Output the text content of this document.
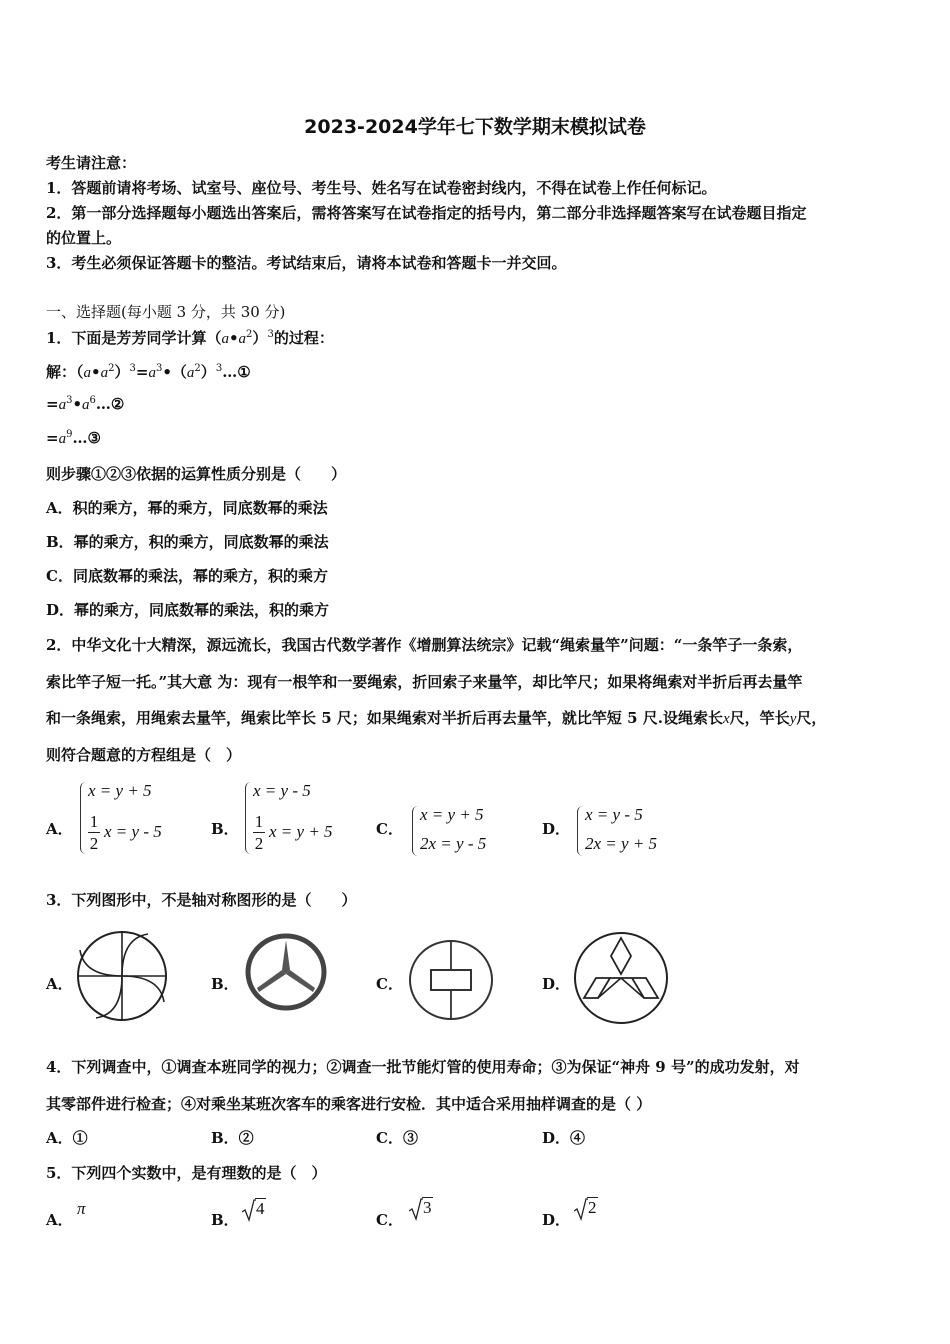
2023-2024学年七下数学期末模拟试卷
考生请注意：
1．答题前请将考场、试室号、座位号、考生号、姓名写在试卷密封线内，不得在试卷上作任何标记。
2．第一部分选择题每小题选出答案后，需将答案写在试卷指定的括号内，第二部分非选择题答案写在试卷题目指定
的位置上。
3．考生必须保证答题卡的整洁。考试结束后，请将本试卷和答题卡一并交回。
一、选择题(每小题 3 分，共 30 分)
1．下面是芳芳同学计算$(a•a^2)^3$的过程：
解：$(a•a^2)^3=a^3•(a^2)^3\dots ①$
$=a^3•a^6\dots ②$
$=a^9\dots ③$
则步骤①②③依据的运算性质分别是（　　）
A．积的乘方，幂的乘方，同底数幂的乘法
B．幂的乘方，积的乘方，同底数幂的乘法
C．同底数幂的乘法，幂的乘方，积的乘方
D．幂的乘方，同底数幂的乘法，积的乘方
2．中华文化十大精深，源远流长，我国古代数学著作《增删算法统宗》记载“绳索量竿”问题：“一条竿子一条索，
索比竿子短一托。”其大意 为：现有一根竿和一要绳索，折回索子来量竿，却比竿尺；如果将绳索对半折后再去量竿
和一条绳索，用绳索去量竿，绳索比竿长 5 尺；如果绳索对半折后再去量竿，就比竿短 5 尺.设绳索长x尺，竿长y尺，
则符合题意的方程组是（　）
A．
x = y + 5
1
2
x = y - 5	B．
x = y - 5
1
2
x = y + 5	C．
x = y + 5
2x = y - 5
D．
x = y - 5
2x = y + 5
3．下列图形中，不是轴对称图形的是（　　）
A．	B．	C．	D．
4．下列调查中，①调查本班同学的视力；②调查一批节能灯管的使用寿命；③为保证“神舟 9 号”的成功发射，对
其零部件进行检查；④对乘坐某班次客车的乘客进行安检．其中适合采用抽样调查的是（ ）
A．①	B．②	C．③	D．④
5．下列四个实数中，是有理数的是（　）
A．
π
B．
4
C．
3
D．
2
